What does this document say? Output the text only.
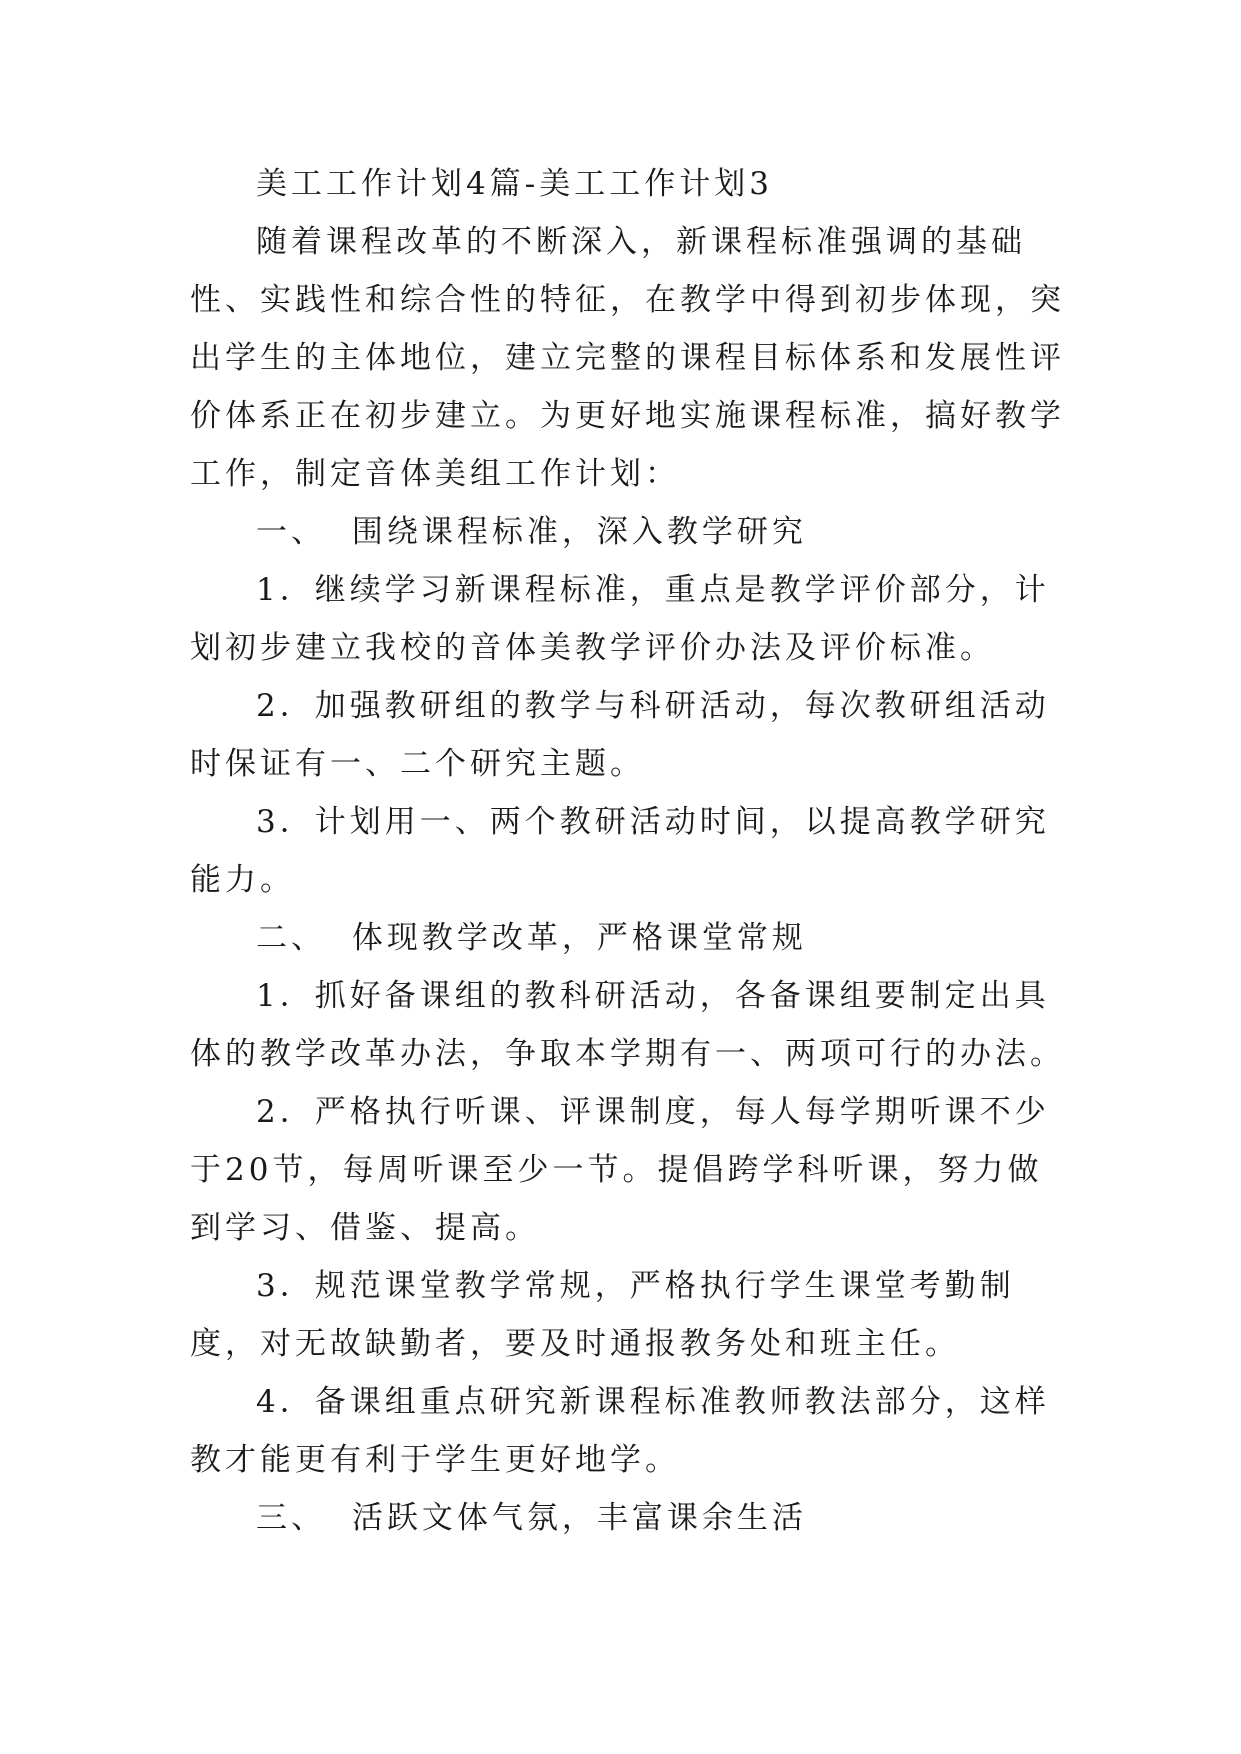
美工工作计划4篇-美工工作计划3

随着课程改革的不断深入，新课程标准强调的基础性、实践性和综合性的特征，在教学中得到初步体现，突出学生的主体地位，建立完整的课程目标体系和发展性评价体系正在初步建立。为更好地实施课程标准，搞好教学工作，制定音体美组工作计划：

一、 围绕课程标准，深入教学研究

1．继续学习新课程标准，重点是教学评价部分，计划初步建立我校的音体美教学评价办法及评价标准。

2．加强教研组的教学与科研活动，每次教研组活动时保证有一、二个研究主题。

3．计划用一、两个教研活动时间，以提高教学研究能力。

二、 体现教学改革，严格课堂常规

1．抓好备课组的教科研活动，各备课组要制定出具体的教学改革办法，争取本学期有一、两项可行的办法。

2．严格执行听课、评课制度，每人每学期听课不少于20节，每周听课至少一节。提倡跨学科听课，努力做到学习、借鉴、提高。

3．规范课堂教学常规，严格执行学生课堂考勤制度，对无故缺勤者，要及时通报教务处和班主任。

4．备课组重点研究新课程标准教师教法部分，这样教才能更有利于学生更好地学。

三、 活跃文体气氛，丰富课余生活
